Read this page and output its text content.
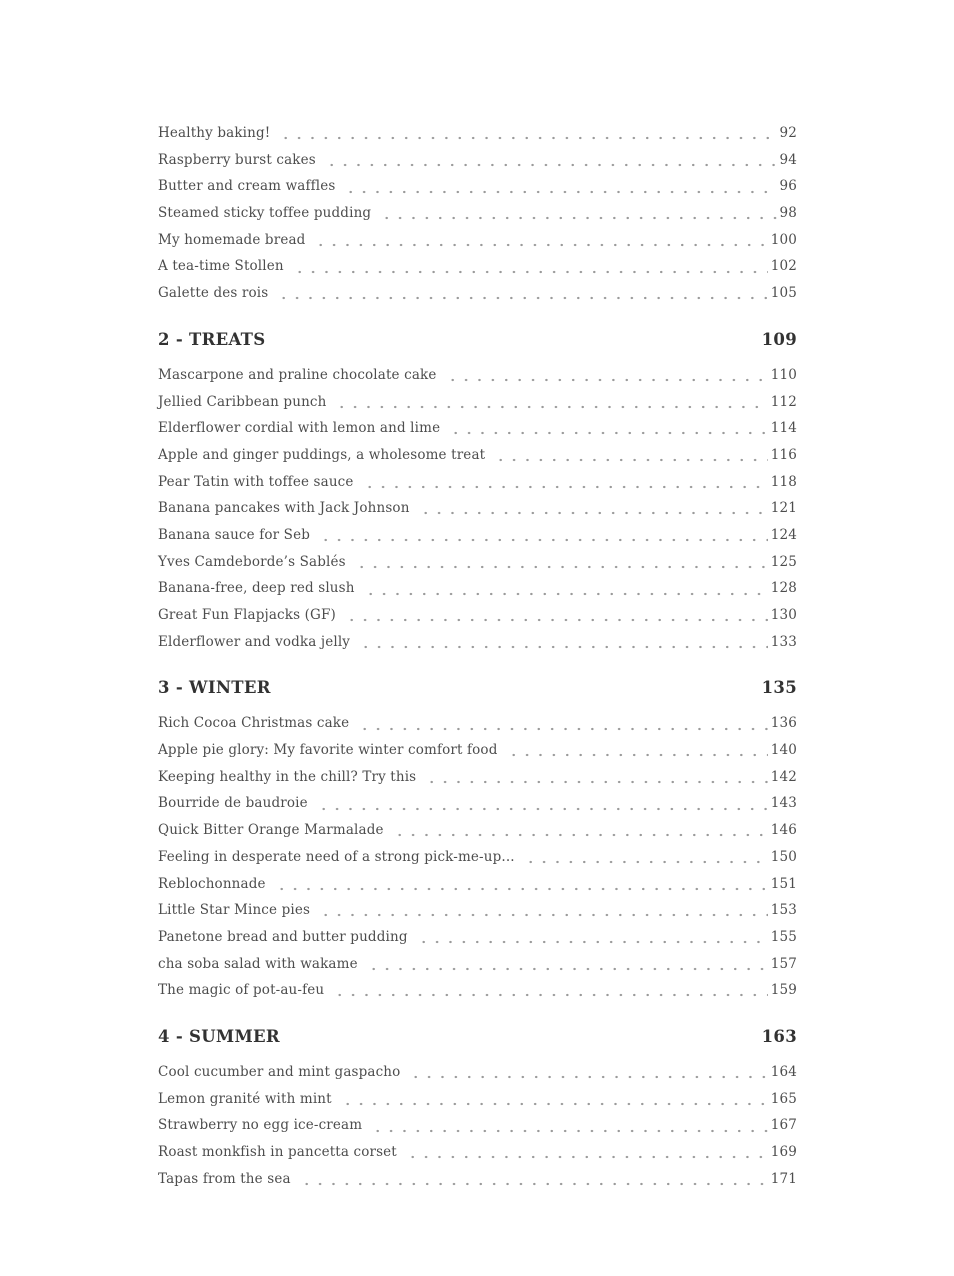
Healthy baking!	92
Raspberry burst cakes	94
Butter and cream waffles	96
Steamed sticky toffee pudding	98
My homemade bread	100
A tea-time Stollen	102
Galette des rois	105
2 - TREATS	109
Mascarpone and praline chocolate cake	110
Jellied Caribbean punch	112
Elderflower cordial with lemon and lime	114
Apple and ginger puddings, a wholesome treat	116
Pear Tatin with toffee sauce	118
Banana pancakes with Jack Johnson	121
Banana sauce for Seb	124
Yves Camdeborde’s Sablés	125
Banana-free, deep red slush	128
Great Fun Flapjacks (GF)	130
Elderflower and vodka jelly	133
3 - WINTER	135
Rich Cocoa Christmas cake	136
Apple pie glory: My favorite winter comfort food	140
Keeping healthy in the chill? Try this	142
Bourride de baudroie	143
Quick Bitter Orange Marmalade	146
Feeling in desperate need of a strong pick-me-up...	150
Reblochonnade	151
Little Star Mince pies	153
Panetone bread and butter pudding	155
cha soba salad with wakame	157
The magic of pot-au-feu	159
4 - SUMMER	163
Cool cucumber and mint gaspacho	164
Lemon granité with mint	165
Strawberry no egg ice-cream	167
Roast monkfish in pancetta corset	169
Tapas from the sea	171
